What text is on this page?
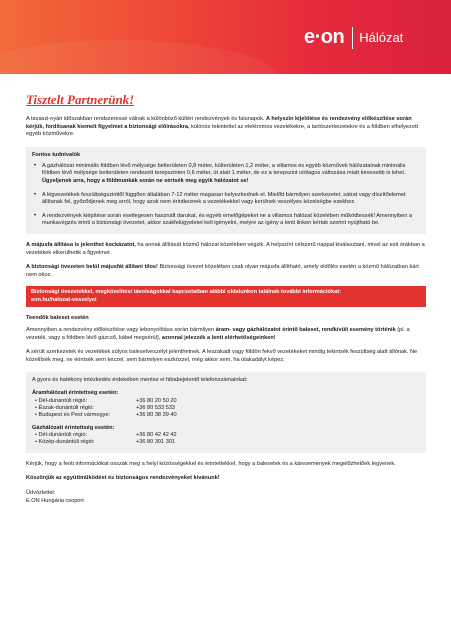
e·on Hálózat
Tisztelt Partnerünk!

A tavaszi-nyári időszakban rendszeressé válnak a különböző kültéri rendezvények és falunapok. A helyszín kijelölése és rendezvény előkészítése során kérjük, fordítsanak kiemelt figyelmet a biztonsági előírásokra, különös tekintettel az elektromos vezetékekre, a tartószerkezetekre és a földben elhelyezett egyéb közművekre.

Fontos tudnivalók
• A gázhálózat minimális földben lévő mélysége belterületen 0,8 méter, külterületen 1,2 méter, a villamos és egyéb közművek hálózatainak minimális földben lévő mélysége belterületen rendezett terepszinten 0,6 méter, út alatt 1 méter, de ez a terepszint utólagos változása miatt kevesebb is lehet.
Ügyeljenek arra, hogy a földmunkák során ne sértsék meg egyik hálózatot se!
• A légvezetékek feszültségszinttől függően általában 7-12 méter magasan helyezkednek el. Mielőtt bármilyen szerkezetet, sátrat vagy díszítőelemet állítanak fel, győződjenek meg arról, hogy azok nem érintkeznek a vezetékekkel vagy kerülnek veszélyes közelségbe ezekhez.
• A rendezvények kiépítése során esetlegesen használt darukat, és egyéb emelőgépeket ne a villamos hálózat közelében működtessék! Amennyiben a munkavégzés érinti a biztonsági övezetet, akkor szakfelügyeletet kell igényelni, melyre az igény a lenti linken leírtak szerint nyújtható be.

A májusfa állítása is jelenthet kockázatot, ha annak állítását közmű hálózat közelében végzik. A helyszínt célszerű nappal kiválasztani, mivel az esti órákban a vezetékek elkerülhetik a figyelmet.

A biztonsági övezeten belül májusfát állítani tilos! Biztonsági övezet közelében csak olyan májusfa állítható, amely eldőlés esetén a közmű hálózatban kárt nem okoz.

Biztonsági övezetekkel, megközelítési távolságokkal kapcsolatban alábbi oldalunkon találnak további információkat:

eon.hu/halozat-veszelyei

Teendők baleset esetén

Amennyiben a rendezvény előkészítése vagy lebonyolítása során bármilyen áram- vagy gázhálózatot érintő baleset, rendkívüli esemény történik (pl. a vezeték, vagy a földben lévő gázcső, kábel megsérül), azonnal jelezzék a lenti elérhetőségeinken!

A sérült szerkezetek és vezetékek súlyos balesetveszélyt jelenthetnek. A leszakadt vagy földön fekvő vezetékeket mindig tekintsék feszültség alatt állónak. Ne közelítsék meg, ne érintsék sem kézzel, sem bármilyen eszközzel, még akkor sem, ha útakadályt képez.

A gyors és hatékony intézkedés érdekében mentse el hibabejelentő telefonszámainkat:

Áramhálózati érintettség esetén:
• Dél-dunántúli régió:	+36 80 20 50 20
• Észak-dunántúli régió:	+36 80 533 533
• Budapest és Pest vármegye:	+36 80 38 39 40
Gázhálózati érintettség esetén:
• Dél-dunántúli régió:	+36 80 42 42 42
• Közép-dunántúli régió:	+36 80 301 301

Kérjük, hogy a fenti információkat osszák meg a helyi közösségekkel és érintettekkel, hogy a balesetek és a káresemények megelőzhetőek legyenek.

Köszönjük az együttműködést és biztonságos rendezvényeket kívánunk!

Üdvözlettel:

E.ON Hungária csoport
